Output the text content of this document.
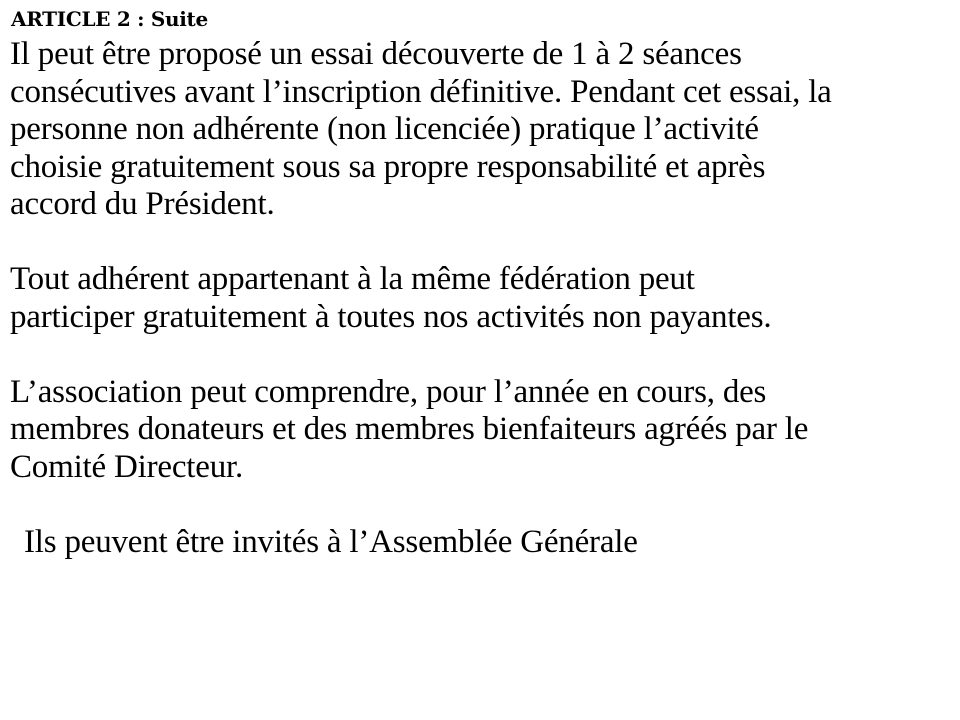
ARTICLE 2 : Suite
Il peut être proposé un essai découverte de 1 à 2 séances
consécutives avant l’inscription définitive. Pendant cet essai, la
personne non adhérente (non licenciée) pratique l’activité
choisie gratuitement sous sa propre responsabilité et après
accord du Président.
Tout adhérent appartenant à la même fédération peut
participer gratuitement à toutes nos activités non payantes.
L’association peut comprendre, pour l’année en cours, des
membres donateurs et des membres bienfaiteurs agréés par le
Comité Directeur.
Ils peuvent être invités à l’Assemblée Générale
